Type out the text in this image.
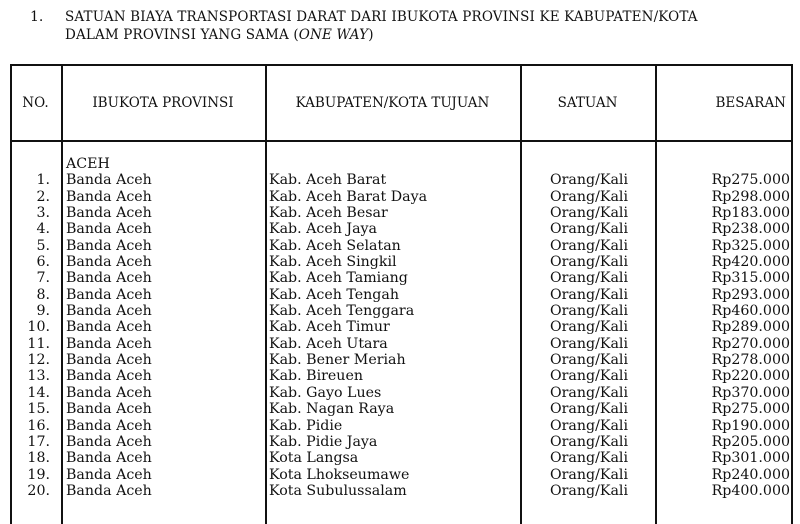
1. SATUAN BIAYA TRANSPORTASI DARAT DARI IBUKOTA PROVINSI KE KABUPATEN/KOTA
DALAM PROVINSI YANG SAMA (ONE WAY)
NO.	IBUKOTA PROVINSI	KABUPATEN/KOTA TUJUAN	SATUAN	BESARAN
ACEH
1. Banda Aceh	Kab. Aceh Barat	Orang/Kali	Rp275.000
2. Banda Aceh	Kab. Aceh Barat Daya	Orang/Kali	Rp298.000
3. Banda Aceh	Kab. Aceh Besar	Orang/Kali	Rp183.000
4. Banda Aceh	Kab. Aceh Jaya	Orang/Kali	Rp238.000
5. Banda Aceh	Kab. Aceh Selatan	Orang/Kali	Rp325.000
6. Banda Aceh	Kab. Aceh Singkil	Orang/Kali	Rp420.000
7. Banda Aceh	Kab. Aceh Tamiang	Orang/Kali	Rp315.000
8. Banda Aceh	Kab. Aceh Tengah	Orang/Kali	Rp293.000
9. Banda Aceh	Kab. Aceh Tenggara	Orang/Kali	Rp460.000
10. Banda Aceh	Kab. Aceh Timur	Orang/Kali	Rp289.000
11. Banda Aceh	Kab. Aceh Utara	Orang/Kali	Rp270.000
12. Banda Aceh	Kab. Bener Meriah	Orang/Kali	Rp278.000
13. Banda Aceh	Kab. Bireuen	Orang/Kali	Rp220.000
14. Banda Aceh	Kab. Gayo Lues	Orang/Kali	Rp370.000
15. Banda Aceh	Kab. Nagan Raya	Orang/Kali	Rp275.000
16. Banda Aceh	Kab. Pidie	Orang/Kali	Rp190.000
17. Banda Aceh	Kab. Pidie Jaya	Orang/Kali	Rp205.000
18. Banda Aceh	Kota Langsa	Orang/Kali	Rp301.000
19. Banda Aceh	Kota Lhokseumawe	Orang/Kali	Rp240.000
20. Banda Aceh	Kota Subulussalam	Orang/Kali	Rp400.000
